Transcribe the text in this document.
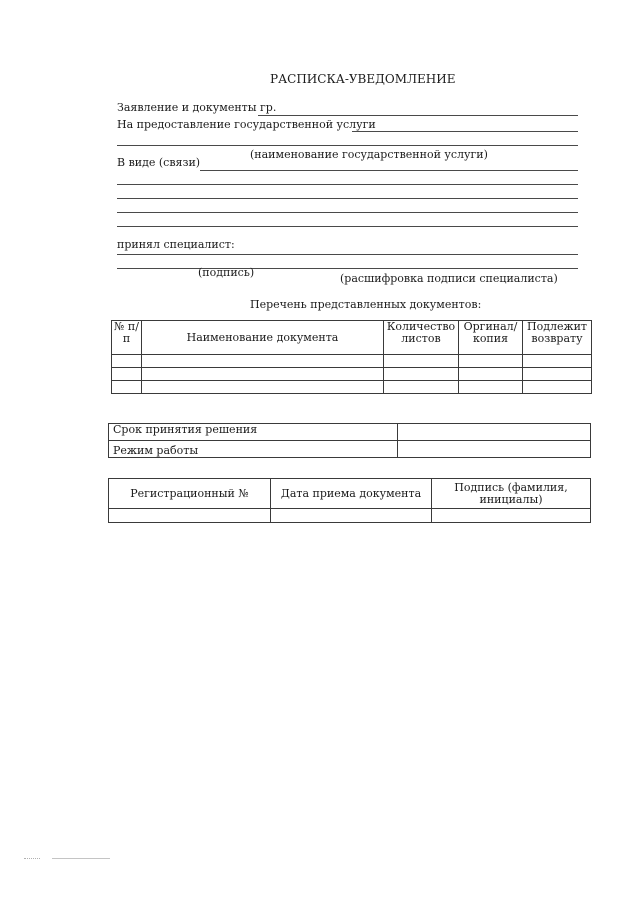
РАСПИСКА-УВЕДОМЛЕНИЕ
Заявление и документы гр.
На предоставление государственной услуги
(наименование государственной услуги)
В виде (связи)
принял специалист:
(подпись)	(расшифровка подписи специалиста)
Перечень представленных документов:
№ п/п	Наименование документа	Количество листов	Оргинал/ копия	Подлежит возврату

Срок принятия решения	
Режим работы	
Регистрационный №	Дата приема документа	Подпись (фамилия, инициалы)
